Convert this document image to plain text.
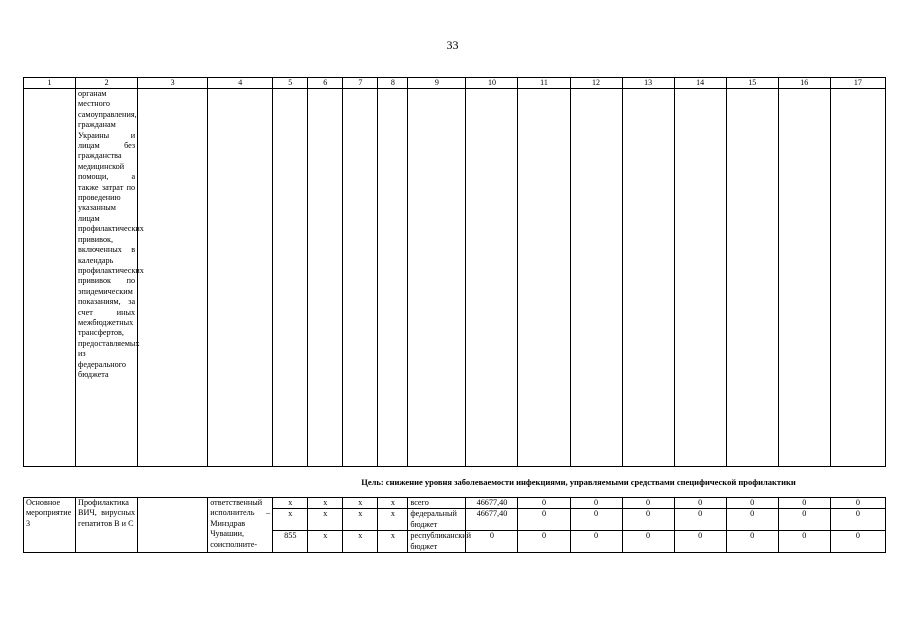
33
1	2	3	4	5	6	7	8	9	10	11	12	13	14	15	16	17
	органам местного самоуправления, гражданам Украины и лицам без гражданства медицинской помощи, а также затрат по проведению указанным лицам профилактических прививок, включенных в календарь профилактических прививок по эпидемическим показаниям, за счет иных межбюджетных трансфертов, предоставляемых из федерального бюджета															
Цель: снижение уровня заболеваемости инфекциями, управляемыми средствами специфической профилактики																
Основное мероприятие 3	Профилактика ВИЧ, вирусных гепатитов В и С		ответственный исполнитель – Минздрав Чувашии, соисполните-	х	х	х	х	всего	46677,40	0	0	0	0	0	0	0
				х	х	х	х	федеральный бюджет	46677,40	0	0	0	0	0	0	0
				855	х	х	х	республиканский бюджет	0	0	0	0	0	0	0	0
